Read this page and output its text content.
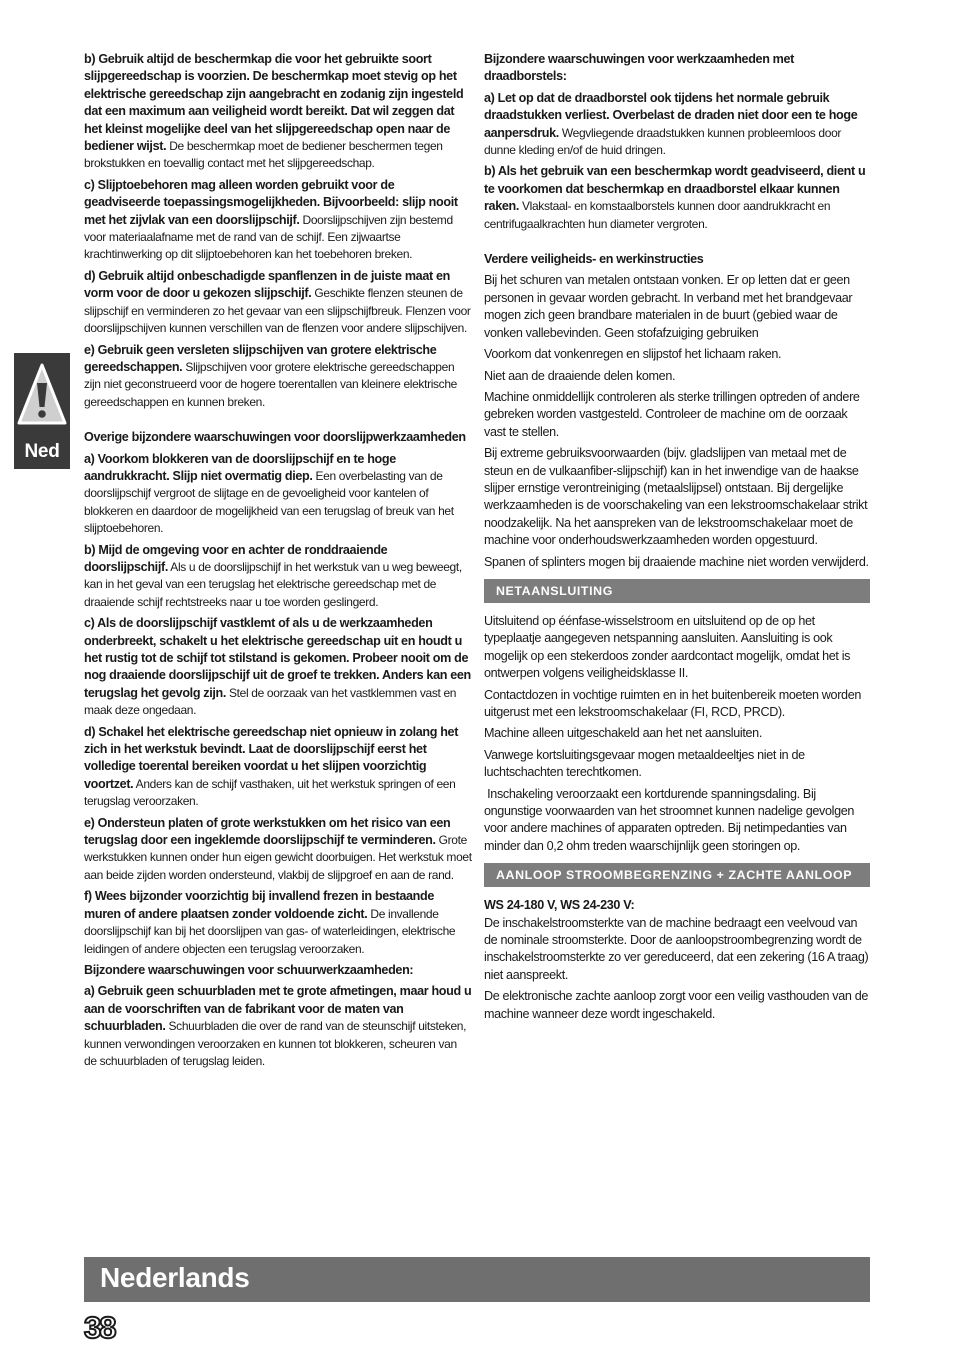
Ned

b) Gebruik altijd de beschermkap die voor het gebruikte soort slijpgereedschap is voorzien. De beschermkap moet stevig op het elektrische gereedschap zijn aangebracht en zodanig zijn ingesteld dat een maximum aan veiligheid wordt bereikt. Dat wil zeggen dat het kleinst mogelijke deel van het slijpgereedschap open naar de bediener wijst. De beschermkap moet de bediener beschermen tegen brokstukken en toevallig contact met het slijpgereedschap.

c) Slijptoebehoren mag alleen worden gebruikt voor de geadviseerde toepassingsmogelijkheden. Bijvoorbeeld: slijp nooit met het zijvlak van een doorslijpschijf. Doorslijpschijven zijn bestemd voor materiaalafname met de rand van de schijf. Een zijwaartse krachtinwerking op dit slijptoebehoren kan het toebehoren breken.

d) Gebruik altijd onbeschadigde spanflenzen in de juiste maat en vorm voor de door u gekozen slijpschijf. Geschikte flenzen steunen de slijpschijf en verminderen zo het gevaar van een slijpschijfbreuk. Flenzen voor doorslijpschijven kunnen verschillen van de flenzen voor andere slijpschijven.

e) Gebruik geen versleten slijpschijven van grotere elektrische gereedschappen. Slijpschijven voor grotere elektrische gereedschappen zijn niet geconstrueerd voor de hogere toerentallen van kleinere elektrische gereedschappen en kunnen breken.

Overige bijzondere waarschuwingen voor doorslijpwerkzaamheden

a) Voorkom blokkeren van de doorslijpschijf en te hoge aandrukkracht. Slijp niet overmatig diep. Een overbelasting van de doorslijpschijf vergroot de slijtage en de gevoeligheid voor kantelen of blokkeren en daardoor de mogelijkheid van een terugslag of breuk van het slijptoebehoren.

b) Mijd de omgeving voor en achter de ronddraaiende doorslijpschijf. Als u de doorslijpschijf in het werkstuk van u weg beweegt, kan in het geval van een terugslag het elektrische gereedschap met de draaiende schijf rechtstreeks naar u toe worden geslingerd.

c) Als de doorslijpschijf vastklemt of als u de werkzaamheden onderbreekt, schakelt u het elektrische gereedschap uit en houdt u het rustig tot de schijf tot stilstand is gekomen. Probeer nooit om de nog draaiende doorslijpschijf uit de groef te trekken. Anders kan een terugslag het gevolg zijn. Stel de oorzaak van het vastklemmen vast en maak deze ongedaan.

d) Schakel het elektrische gereedschap niet opnieuw in zolang het zich in het werkstuk bevindt. Laat de doorslijpschijf eerst het volledige toerental bereiken voordat u het slijpen voorzichtig voortzet. Anders kan de schijf vasthaken, uit het werkstuk springen of een terugslag veroorzaken.

e) Ondersteun platen of grote werkstukken om het risico van een terugslag door een ingeklemde doorslijpschijf te verminderen. Grote werkstukken kunnen onder hun eigen gewicht doorbuigen. Het werkstuk moet aan beide zijden worden ondersteund, vlakbij de slijpgroef en aan de rand.

f) Wees bijzonder voorzichtig bij invallend frezen in bestaande muren of andere plaatsen zonder voldoende zicht. De invallende doorslijpschijf kan bij het doorslijpen van gas- of waterleidingen, elektrische leidingen of andere objecten een terugslag veroorzaken.

Bijzondere waarschuwingen voor schuurwerkzaamheden:

a) Gebruik geen schuurbladen met te grote afmetingen, maar houd u aan de voorschriften van de fabrikant voor de maten van schuurbladen. Schuurbladen die over de rand van de steunschijf uitsteken, kunnen verwondingen veroorzaken en kunnen tot blokkeren, scheuren van de schuurbladen of terugslag leiden.

Bijzondere waarschuwingen voor werkzaamheden met draadborstels:

a) Let op dat de draadborstel ook tijdens het normale gebruik draadstukken verliest. Overbelast de draden niet door een te hoge aanpersdruk. Wegvliegende draadstukken kunnen probleemloos door dunne kleding en/of de huid dringen.

b) Als het gebruik van een beschermkap wordt geadviseerd, dient u te voorkomen dat beschermkap en draadborstel elkaar kunnen raken. Vlakstaal- en komstaalborstels kunnen door aandrukkracht en centrifugaalkrachten hun diameter vergroten.

Verdere veiligheids- en werkinstructies

Bij het schuren van metalen ontstaan vonken. Er op letten dat er geen personen in gevaar worden gebracht. In verband met het brandgevaar mogen zich geen brandbare materialen in de buurt (gebied waar de vonken vallebevinden. Geen stofafzuiging gebruiken

Voorkom dat vonkenregen en slijpstof het lichaam raken.

Niet aan de draaiende delen komen.

Machine onmiddellijk controleren als sterke trillingen optreden of andere gebreken worden vastgesteld. Controleer de machine om de oorzaak vast te stellen.

Bij extreme gebruiksvoorwaarden (bijv. gladslijpen van metaal met de steun en de vulkaanfiber-slijpschijf) kan in het inwendige van de haakse slijper ernstige verontreiniging (metaalslijpsel) ontstaan. Bij dergelijke werkzaamheden is de voorschakeling van een lekstroomschakelaar strikt noodzakelijk. Na het aanspreken van de lekstroomschakelaar moet de machine voor onderhoudswerkzaamheden worden opgestuurd.

Spanen of splinters mogen bij draaiende machine niet worden verwijderd.

NETAANSLUITING

Uitsluitend op éénfase-wisselstroom en uitsluitend op de op het typeplaatje aangegeven netspanning aansluiten. Aansluiting is ook mogelijk op een stekerdoos zonder aardcontact mogelijk, omdat het is ontwerpen volgens veiligheidsklasse II.

Contactdozen in vochtige ruimten en in het buitenbereik moeten worden uitgerust met een lekstroomschakelaar (FI, RCD, PRCD).

Machine alleen uitgeschakeld aan het net aansluiten.

Vanwege kortsluitingsgevaar mogen metaaldeeltjes niet in de luchtschachten terechtkomen.

Inschakeling veroorzaakt een kortdurende spanningsdaling. Bij ongunstige voorwaarden van het stroomnet kunnen nadelige gevolgen voor andere machines of apparaten optreden. Bij netimpedanties van minder dan 0,2 ohm treden waarschijnlijk geen storingen op.

AANLOOP STROOMBEGRENZING + ZACHTE AANLOOP
WS 24-180 V, WS 24-230 V:

De inschakelstroomsterkte van de machine bedraagt een veelvoud van de nominale stroomsterkte. Door de aanloopstroombegrenzing wordt de inschakelstroomsterkte zo ver gereduceerd, dat een zekering (16 A traag) niet aanspreekt.

De elektronische zachte aanloop zorgt voor een veilig vasthouden van de machine wanneer deze wordt ingeschakeld.

Nederlands
38
